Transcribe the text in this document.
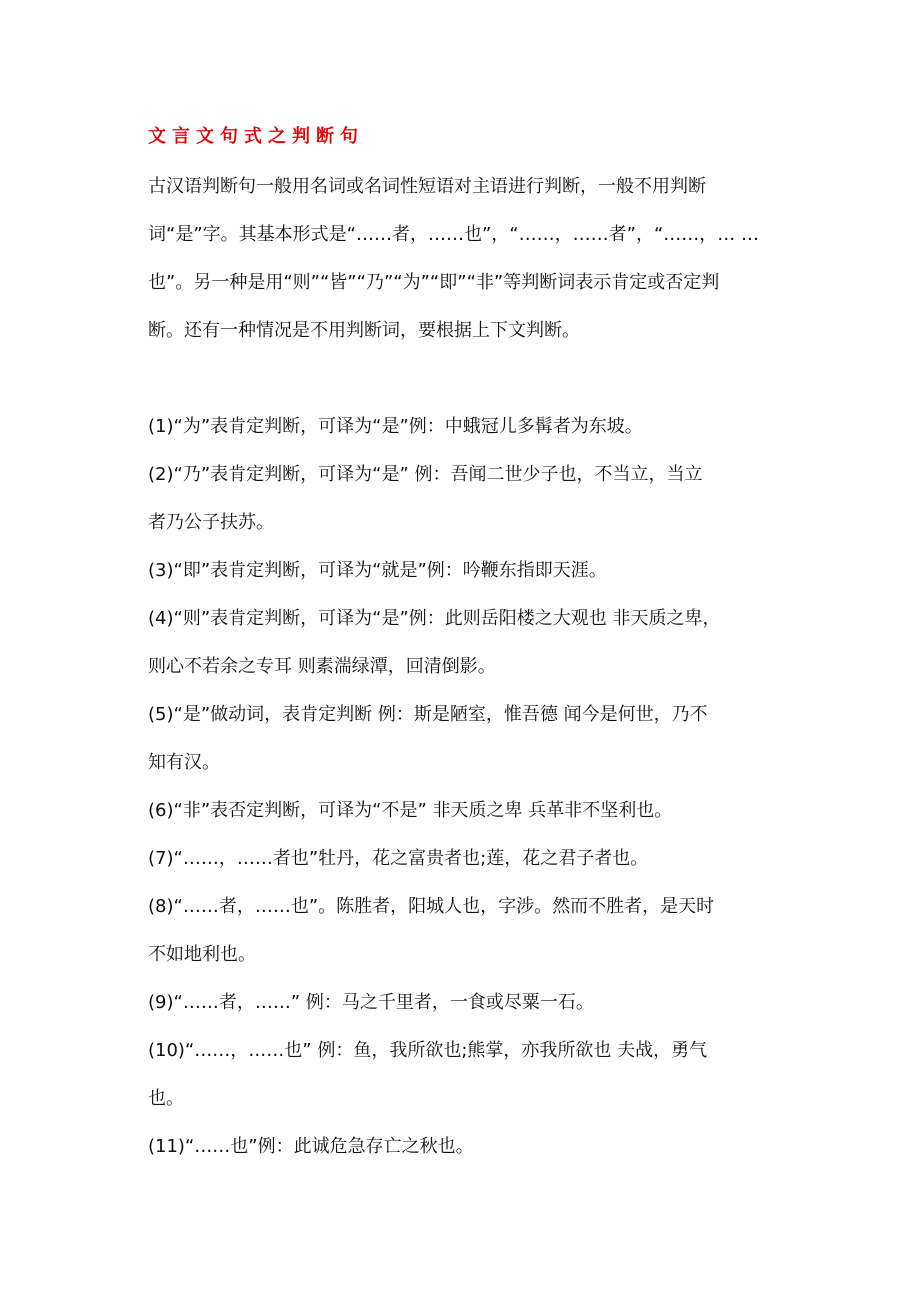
文言文句式之判断句
古汉语判断句一般用名词或名词性短语对主语进行判断，一般不用判断
词“是”字。其基本形式是“……者，……也”，“……，……者”，“……，… …
也”。另一种是用“则”“皆”“乃”“为”“即”“非”等判断词表示肯定或否定判
断。还有一种情况是不用判断词，要根据上下文判断。
(1)“为”表肯定判断，可译为“是”例：中蛾冠儿多髯者为东坡。
(2)“乃”表肯定判断，可译为“是” 例：吾闻二世少子也，不当立，当立
者乃公子扶苏。
(3)“即”表肯定判断，可译为“就是”例：吟鞭东指即天涯。
(4)“则”表肯定判断，可译为“是”例：此则岳阳楼之大观也 非天质之卑，
则心不若余之专耳 则素湍绿潭，回清倒影。
(5)“是”做动词，表肯定判断 例：斯是陋室，惟吾德 闻今是何世，乃不
知有汉。
(6)“非”表否定判断，可译为“不是” 非天质之卑 兵革非不坚利也。
(7)“……，……者也”牡丹，花之富贵者也;莲，花之君子者也。
(8)“……者，……也”。陈胜者，阳城人也，字涉。然而不胜者，是天时
不如地利也。
(9)“……者，……” 例：马之千里者，一食或尽粟一石。
(10)“……，……也” 例：鱼，我所欲也;熊掌，亦我所欲也 夫战，勇气
也。
(11)“……也”例：此诚危急存亡之秋也。
